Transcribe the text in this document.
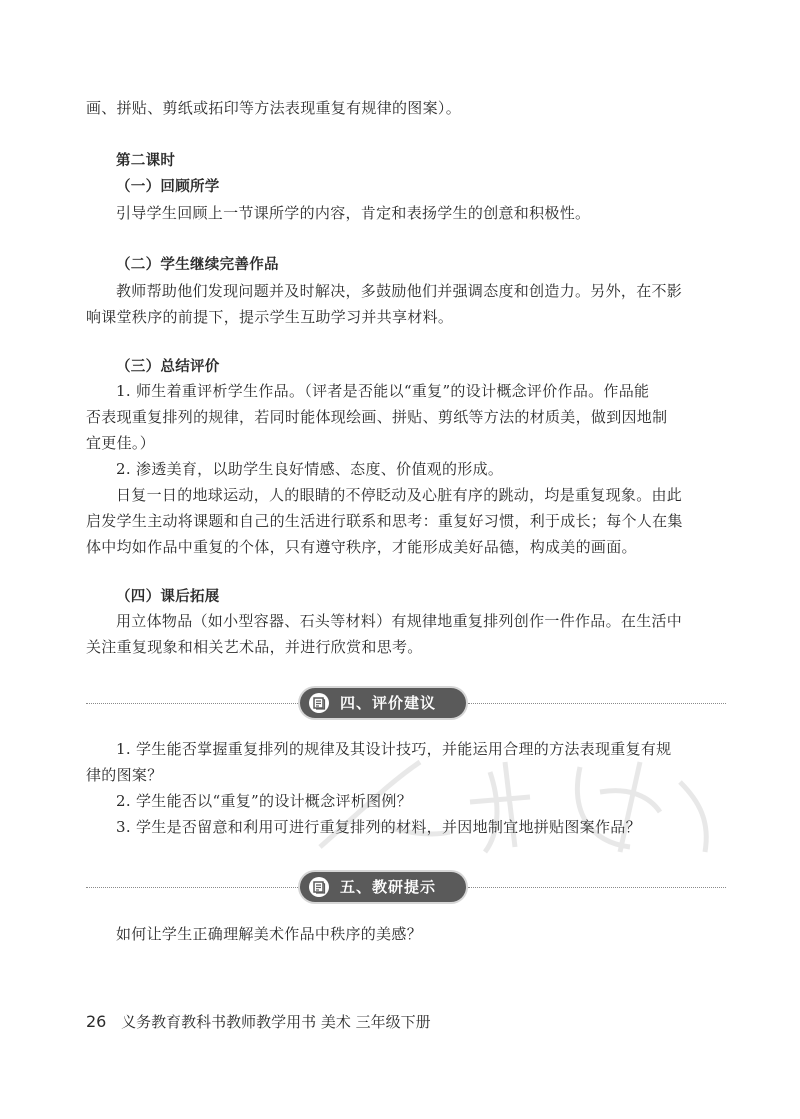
画、拼贴、剪纸或拓印等方法表现重复有规律的图案）。
第二课时
（一）回顾所学
引导学生回顾上一节课所学的内容，肯定和表扬学生的创意和积极性。
（二）学生继续完善作品
教师帮助他们发现问题并及时解决，多鼓励他们并强调态度和创造力。另外，在不影
响课堂秩序的前提下，提示学生互助学习并共享材料。
（三）总结评价
1. 师生着重评析学生作品。（评者是否能以“重复”的设计概念评价作品。作品能
否表现重复排列的规律，若同时能体现绘画、拼贴、剪纸等方法的材质美，做到因地制
宜更佳。）
2. 渗透美育，以助学生良好情感、态度、价值观的形成。
日复一日的地球运动，人的眼睛的不停眨动及心脏有序的跳动，均是重复现象。由此
启发学生主动将课题和自己的生活进行联系和思考：重复好习惯，利于成长；每个人在集
体中均如作品中重复的个体，只有遵守秩序，才能形成美好品德，构成美的画面。
（四）课后拓展
用立体物品（如小型容器、石头等材料）有规律地重复排列创作一件作品。在生活中
关注重复现象和相关艺术品，并进行欣赏和思考。
四、评价建议
1. 学生能否掌握重复排列的规律及其设计技巧，并能运用合理的方法表现重复有规
律的图案？
2. 学生能否以“重复”的设计概念评析图例？
3. 学生是否留意和利用可进行重复排列的材料，并因地制宜地拼贴图案作品？
五、教研提示
如何让学生正确理解美术作品中秩序的美感？
26 义务教育教科书教师教学用书 美术 三年级下册
